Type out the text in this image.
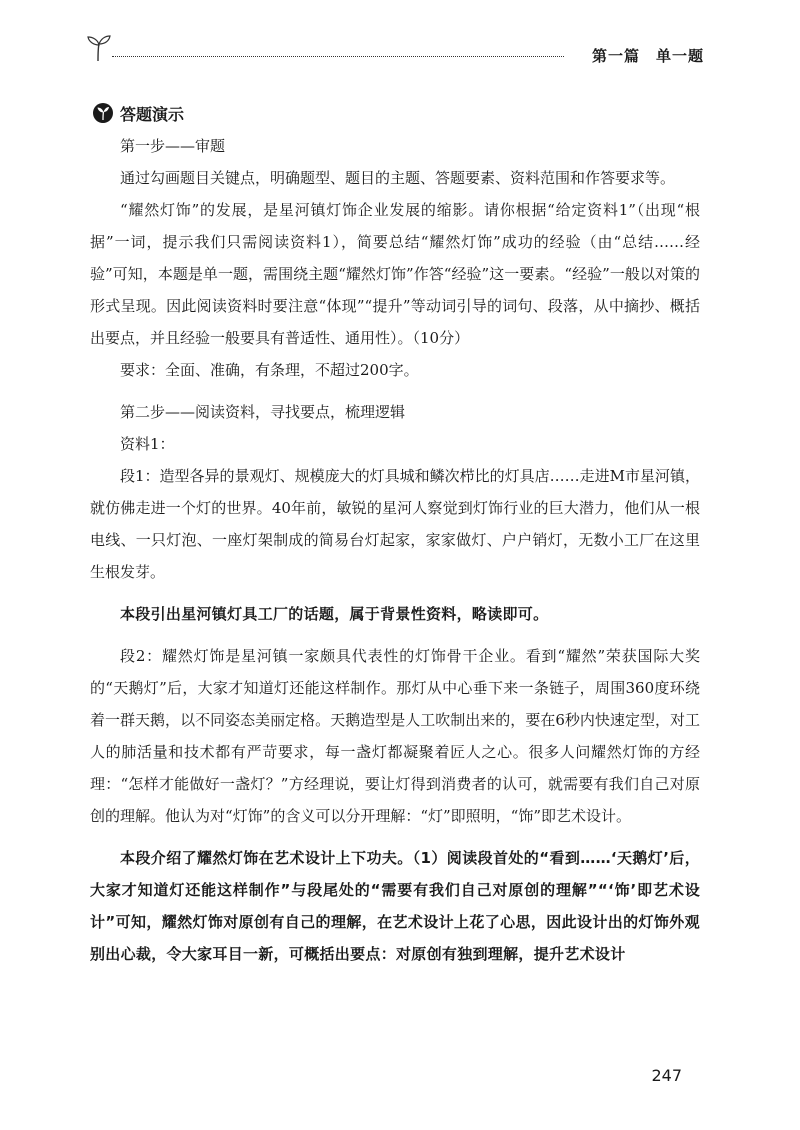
第一篇　单一题
答题演示

第一步——审题

通过勾画题目关键点，明确题型、题目的主题、答题要素、资料范围和作答要求等。

“耀然灯饰”的发展，是星河镇灯饰企业发展的缩影。请你根据“给定资料1”（出现“根据”一词，提示我们只需阅读资料1），简要总结“耀然灯饰”成功的经验（由“总结……经验”可知，本题是单一题，需围绕主题“耀然灯饰”作答“经验”这一要素。“经验”一般以对策的形式呈现。因此阅读资料时要注意“体现”“提升”等动词引导的词句、段落，从中摘抄、概括出要点，并且经验一般要具有普适性、通用性）。（10分）

要求：全面、准确，有条理，不超过200字。

第二步——阅读资料，寻找要点，梳理逻辑

资料1：

段1：造型各异的景观灯、规模庞大的灯具城和鳞次栉比的灯具店……走进M市星河镇，就仿佛走进一个灯的世界。40年前，敏锐的星河人察觉到灯饰行业的巨大潜力，他们从一根电线、一只灯泡、一座灯架制成的简易台灯起家，家家做灯、户户销灯，无数小工厂在这里生根发芽。

本段引出星河镇灯具工厂的话题，属于背景性资料，略读即可。

段2：耀然灯饰是星河镇一家颇具代表性的灯饰骨干企业。看到“耀然”荣获国际大奖的“天鹅灯”后，大家才知道灯还能这样制作。那灯从中心垂下来一条链子，周围360度环绕着一群天鹅，以不同姿态美丽定格。天鹅造型是人工吹制出来的，要在6秒内快速定型，对工人的肺活量和技术都有严苛要求，每一盏灯都凝聚着匠人之心。很多人问耀然灯饰的方经理：“怎样才能做好一盏灯？”方经理说，要让灯得到消费者的认可，就需要有我们自己对原创的理解。他认为对“灯饰”的含义可以分开理解：“灯”即照明，“饰”即艺术设计。

本段介绍了耀然灯饰在艺术设计上下功夫。（1）阅读段首处的“看到……‘天鹅灯’后，大家才知道灯还能这样制作”与段尾处的“需要有我们自己对原创的理解”“‘饰’即艺术设计”可知，耀然灯饰对原创有自己的理解，在艺术设计上花了心思，因此设计出的灯饰外观别出心裁，令大家耳目一新，可概括出要点：对原创有独到理解，提升艺术设计

247
